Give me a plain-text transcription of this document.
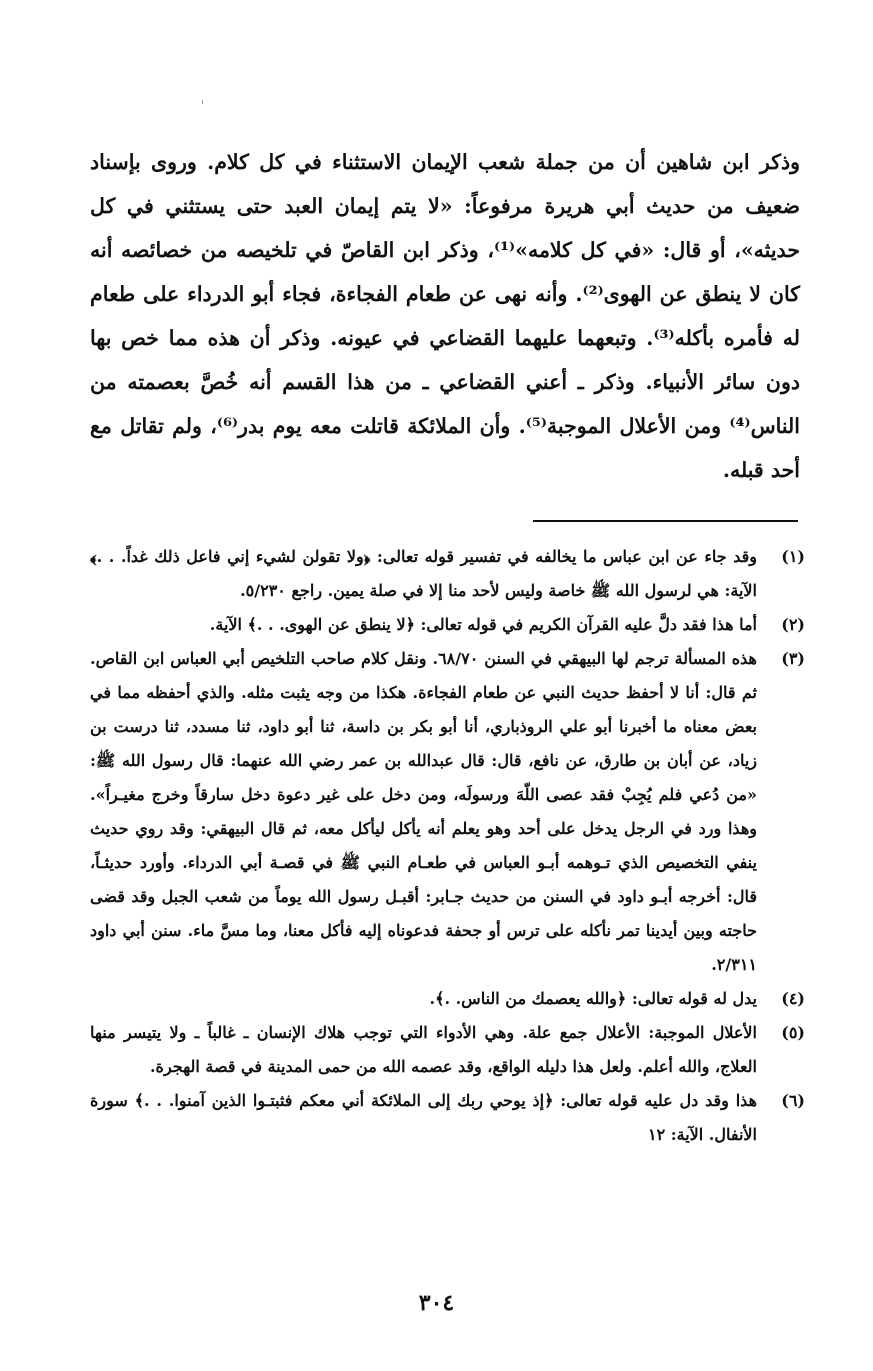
وذكر ابن شاهين أن من جملة شعب الإيمان الاستثناء في كل كلام. وروى بإسناد ضعيف من حديث أبي هريرة مرفوعاً: «لا يتم إيمان العبد حتى يستثني في كل حديثه»، أو قال: «في كل كلامه»⁽¹⁾، وذكر ابن القاصّ في تلخيصه من خصائصه أنه كان لا ينطق عن الهوى⁽²⁾. وأنه نهى عن طعام الفجاءة، فجاء أبو الدرداء على طعام له فأمره بأكله⁽³⁾. وتبعهما عليهما القضاعي في عيونه. وذكر أن هذه مما خص بها دون سائر الأنبياء. وذكر ـ أعني القضاعي ـ من هذا القسم أنه خُصَّ بعصمته من الناس⁽⁴⁾ ومن الأعلال الموجبة⁽⁵⁾. وأن الملائكة قاتلت معه يوم بدر⁽⁶⁾، ولم تقاتل مع أحد قبله.

(١)
وقد جاء عن ابن عباس ما يخالفه في تفسير قوله تعالى: ﴿ولا تقولن لشيء إني فاعل ذلك غداً. . .﴾ الآية: هي لرسول الله ﷺ خاصة وليس لأحد منا إلا في صلة يمين. راجع ٥/٢٣٠.
(٢)
أما هذا فقد دلَّ عليه القرآن الكريم في قوله تعالى: ﴿لا ينطق عن الهوى. . .﴾ الآية.
(٣)
هذه المسألة ترجم لها البيهقي في السنن ٦٨/٧٠. ونقل كلام صاحب التلخيص أبي العباس ابن القاص. ثم قال: أنا لا أحفظ حديث النبي عن طعام الفجاءة. هكذا من وجه يثبت مثله. والذي أحفظه مما في بعض معناه ما أخبرنا أبو علي الروذباري، أنا أبو بكر بن داسة، ثنا أبو داود، ثنا مسدد، ثنا درست بن زياد، عن أبان بن طارق، عن نافع، قال: قال عبدالله بن عمر رضي الله عنهما: قال رسول الله ﷺ: «من دُعي فلم يُجِبْ فقد عصى اللّهَ ورسولَه، ومن دخل على غير دعوة دخل سارقاً وخرج مغيـراً». وهذا ورد في الرجل يدخل على أحد وهو يعلم أنه يأكل ليأكل معه، ثم قال البيهقي: وقد روي حديث ينفي التخصيص الذي تـوهمه أبـو العباس في طعـام النبي ﷺ في قصـة أبي الدرداء. وأورد حديثـاً، قال: أخرجه أبـو داود في السنن من حديث جـابر: أقبـل رسول الله يوماً من شعب الجبل وقد قضى حاجته وبين أيدينا تمر نأكله على ترس أو جحفة فدعوناه إليه فأكل معنا، وما مسَّ ماء. سنن أبي داود ٢/٣١١.
(٤)
يدل له قوله تعالى: ﴿والله يعصمك من الناس. .﴾.
(٥)
الأعلال الموجبة: الأعلال جمع علة. وهي الأدواء التي توجب هلاك الإنسان ـ غالباً ـ ولا يتيسر منها العلاج، والله أعلم. ولعل هذا دليله الواقع، وقد عصمه الله من حمى المدينة في قصة الهجرة.
(٦)
هذا وقد دل عليه قوله تعالى: ﴿إذ يوحي ربك إلى الملائكة أني معكم فثبتـوا الذين آمنوا. . .﴾ سورة الأنفال. الآية: ١٢
٣٠٤
